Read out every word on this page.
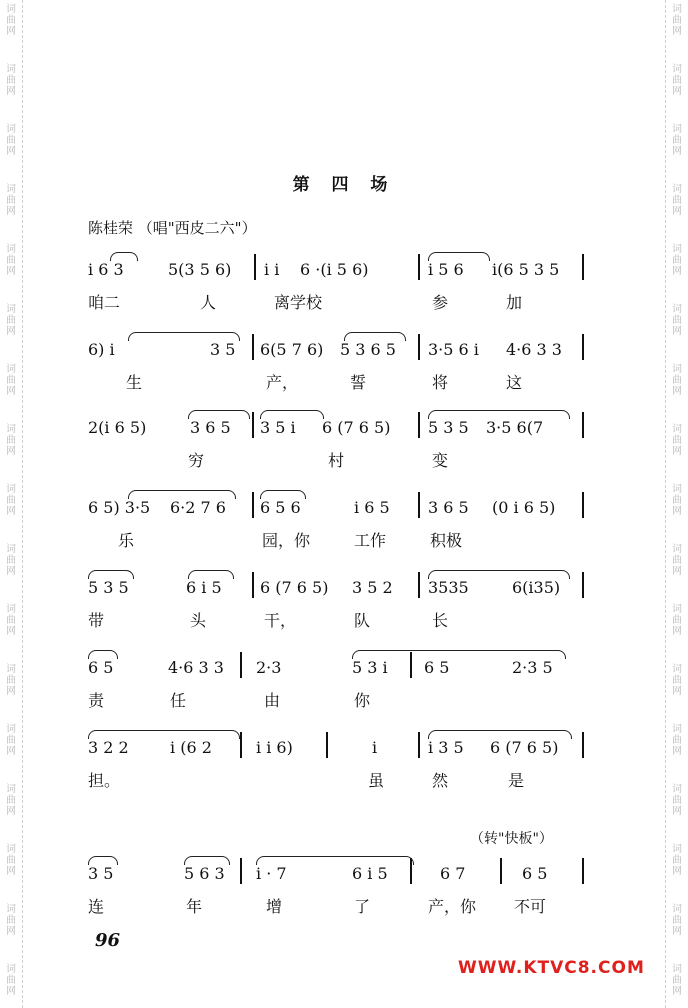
词曲网
词曲网
词曲网
词曲网
词曲网
词曲网
词曲网
词曲网
词曲网
词曲网
词曲网
词曲网
词曲网
词曲网
词曲网
词曲网
词曲网
词曲网
词曲网
词曲网
词曲网
词曲网
词曲网
词曲网
词曲网
词曲网
词曲网
词曲网
词曲网
词曲网
词曲网
词曲网
词曲网
词曲网
第 四 场
陈桂荣 （唱"西皮二六"）
i 6 3	5(3 5 6) i i 6 ·(i 5 6)	i 5 6 i(6 5 3 5
咱二	人	离学校	参	加
6) i	3 5 6(5 7 6) 5 3 6 5 3·5 6 i 4·6 3 3
生	产，	誓	将	这
2(i 6 5)	3 6 5 3 5 i 6 (7 6 5) 5 3 5 3·5 6(7
穷	村	变
6 5) 3·5 6·2 7 6 6 5 6	i 6 5 3 6 5 (0 i 6 5)
乐	园，你	工作	积极
5 3 5	6 i 5 6 (7 6 5) 3 5 2 3535	6(i35)
带	头	干，	队	长
6 5	4·6 3 3 2·3	5 3 i 6 5	2·3 5
责	任	由	你
3 2 2	i (6 2	i i 6)	i	i 3 5 6 (7 6 5)
担。	虽	然	是
（转"快板"）
3 5	5 6 3 i · 7	6 i 5	6 7	6 5
连	年	增	了	产，你 不可
96
WWW.KTVC8.COM
